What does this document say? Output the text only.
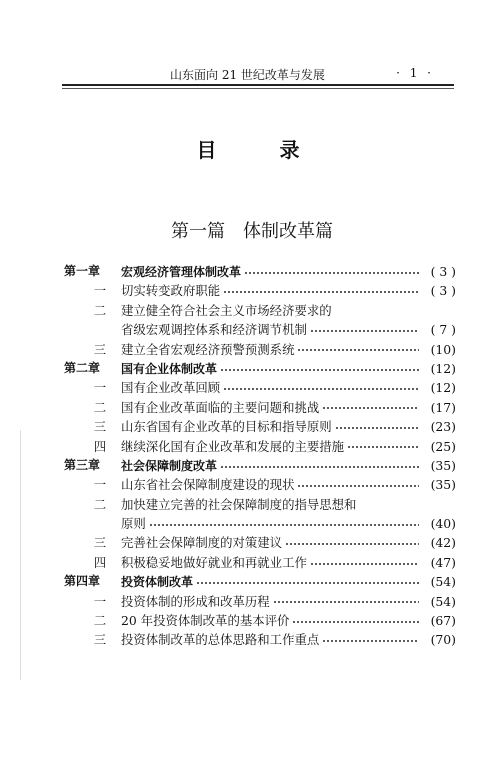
山东面向 21 世纪改革与发展	· 1 ·
目 录
第一篇 体制改革篇
第一章	宏观经济管理体制改革	( 3 )
一	切实转变政府职能	( 3 )
二	建立健全符合社会主义市场经济要求的
省级宏观调控体系和经济调节机制	( 7 )
三	建立全省宏观经济预警预测系统	(10)
第二章	国有企业体制改革	(12)
一	国有企业改革回顾	(12)
二	国有企业改革面临的主要问题和挑战	(17)
三	山东省国有企业改革的目标和指导原则	(23)
四	继续深化国有企业改革和发展的主要措施	(25)
第三章	社会保障制度改革	(35)
一	山东省社会保障制度建设的现状	(35)
二	加快建立完善的社会保障制度的指导思想和
原则	(40)
三	完善社会保障制度的对策建议	(42)
四	积极稳妥地做好就业和再就业工作	(47)
第四章	投资体制改革	(54)
一	投资体制的形成和改革历程	(54)
二	20 年投资体制改革的基本评价	(67)
三	投资体制改革的总体思路和工作重点	(70)
